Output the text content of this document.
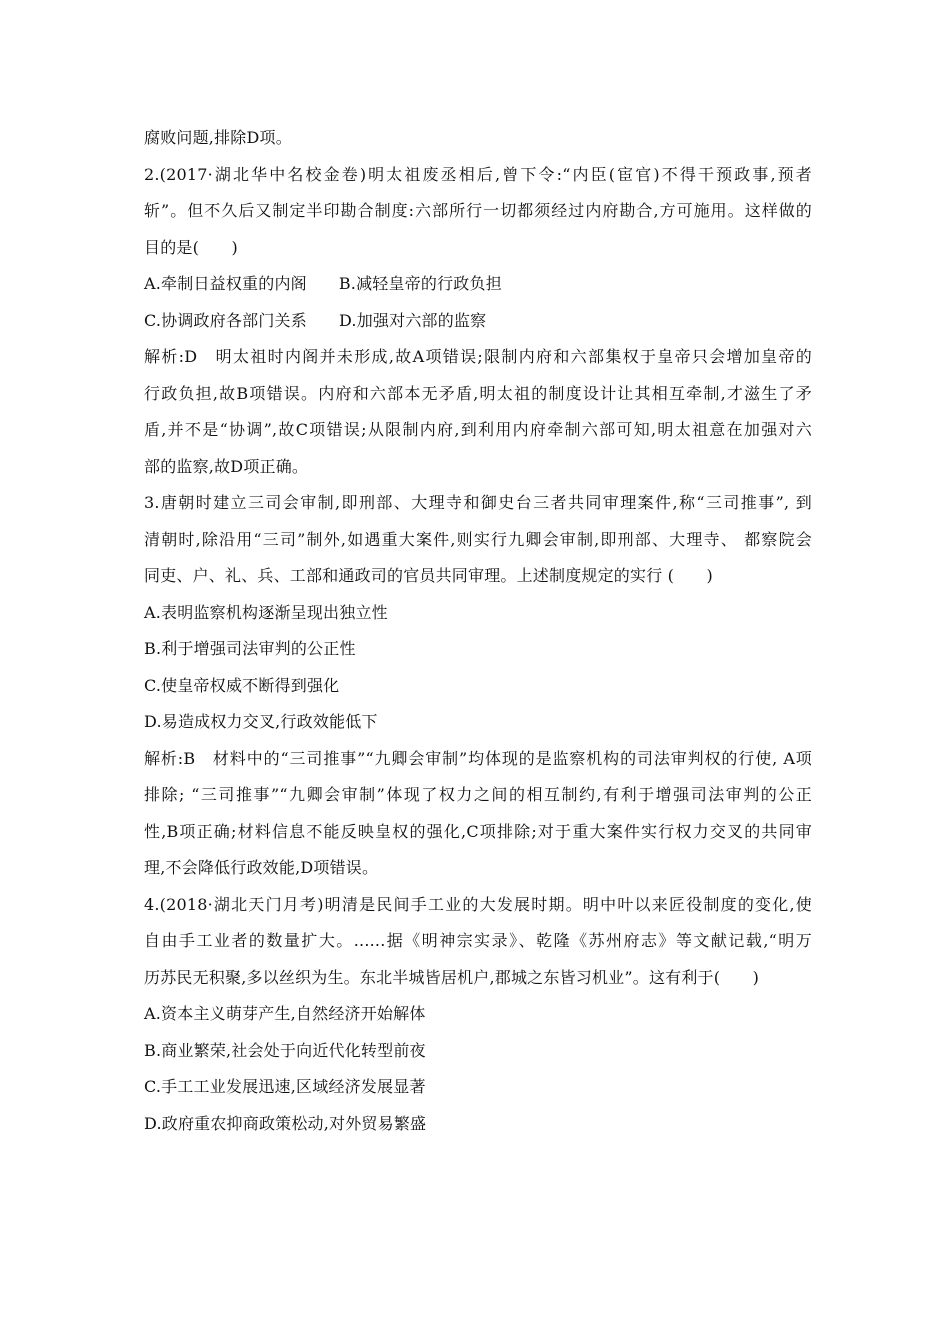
腐败问题,排除D项。
2.(2017·湖北华中名校金卷)明太祖废丞相后,曾下令:“内臣(宦官)不得干预政事,预者
斩”。但不久后又制定半印勘合制度:六部所行一切都须经过内府勘合,方可施用。这样做的
目的是(　　)
A.牵制日益权重的内阁 B.减轻皇帝的行政负担
C.协调政府各部门关系 D.加强对六部的监察
解析:D　明太祖时内阁并未形成,故A项错误;限制内府和六部集权于皇帝只会增加皇帝的
行政负担,故B项错误。内府和六部本无矛盾,明太祖的制度设计让其相互牵制,才滋生了矛
盾,并不是“协调”,故C项错误;从限制内府,到利用内府牵制六部可知,明太祖意在加强对六
部的监察,故D项正确。
3.唐朝时建立三司会审制,即刑部、大理寺和御史台三者共同审理案件,称“三司推事”, 到
清朝时,除沿用“三司”制外,如遇重大案件,则实行九卿会审制,即刑部、大理寺、 都察院会
同吏、户、礼、兵、工部和通政司的官员共同审理。上述制度规定的实行 (　　)
A.表明监察机构逐渐呈现出独立性
B.利于增强司法审判的公正性
C.使皇帝权威不断得到强化
D.易造成权力交叉,行政效能低下
解析:B　材料中的“三司推事”“九卿会审制”均体现的是监察机构的司法审判权的行使, A项
排除; “三司推事”“九卿会审制”体现了权力之间的相互制约,有利于增强司法审判的公正
性,B项正确;材料信息不能反映皇权的强化,C项排除;对于重大案件实行权力交叉的共同审
理,不会降低行政效能,D项错误。
4.(2018·湖北天门月考)明清是民间手工业的大发展时期。明中叶以来匠役制度的变化,使
自由手工业者的数量扩大。......据《明神宗实录》、乾隆《苏州府志》等文献记载,“明万
历苏民无积聚,多以丝织为生。东北半城皆居机户,郡城之东皆习机业”。这有利于(　　)
A.资本主义萌芽产生,自然经济开始解体
B.商业繁荣,社会处于向近代化转型前夜
C.手工工业发展迅速,区域经济发展显著
D.政府重农抑商政策松动,对外贸易繁盛
